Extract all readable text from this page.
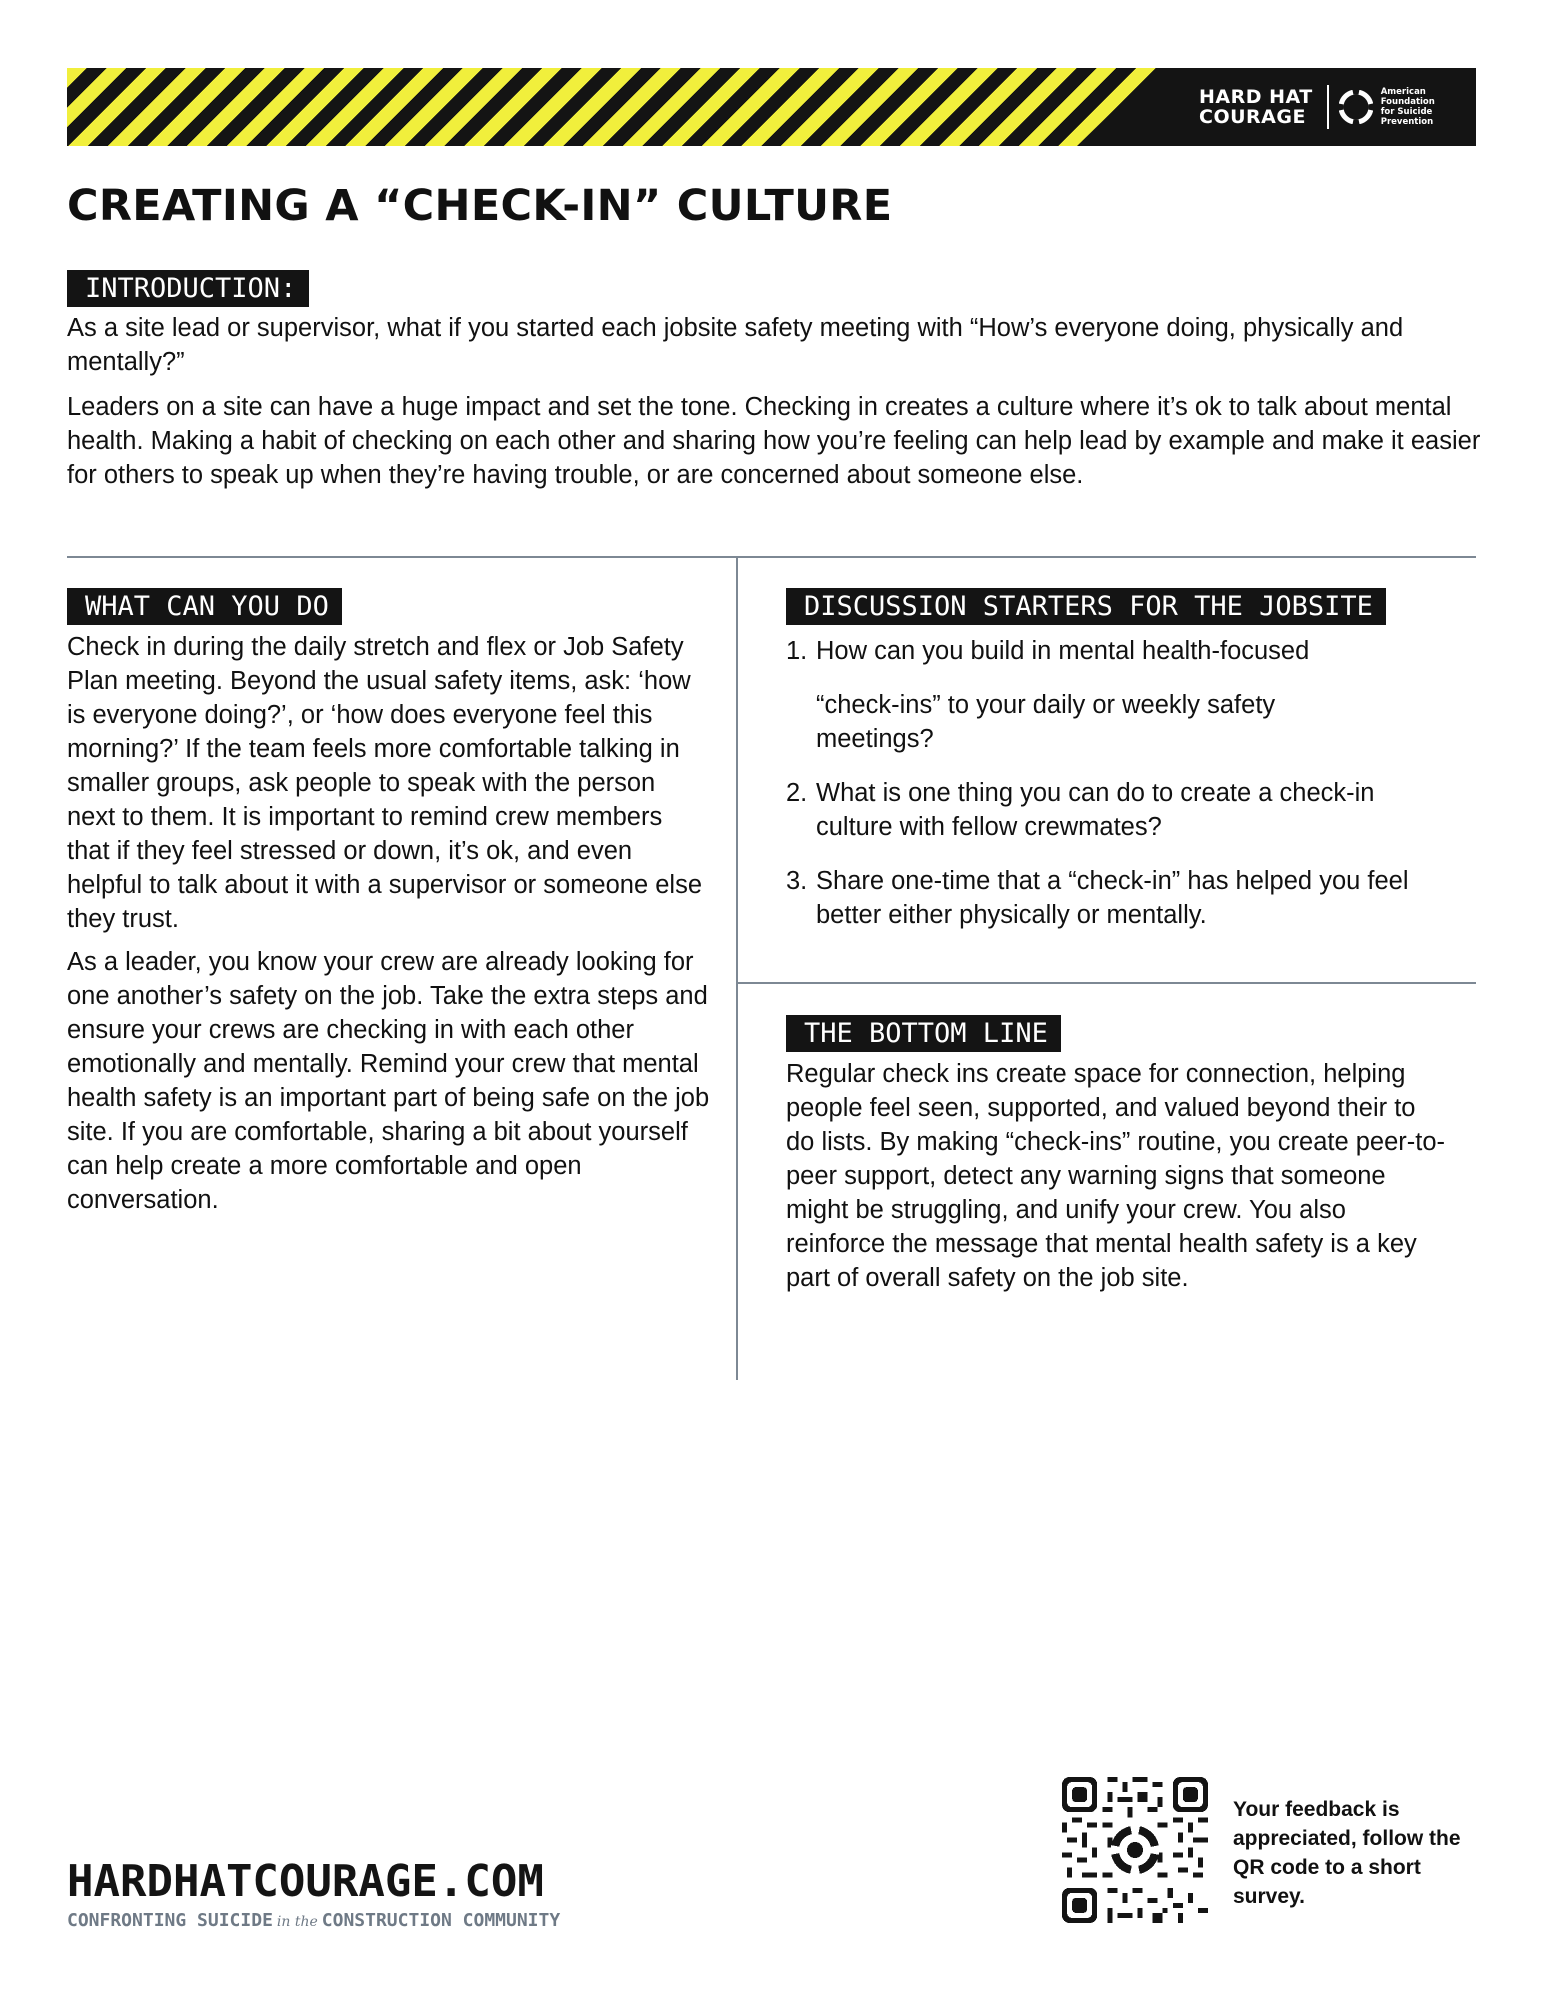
HARD HAT
COURAGE
American
Foundation
for Suicide
Prevention
CREATING A “CHECK-IN” CULTURE
INTRODUCTION:
As a site lead or supervisor, what if you started each jobsite safety meeting with “How’s everyone doing, physically and mentally?”
Leaders on a site can have a huge impact and set the tone. Checking in creates a culture where it’s ok to talk about mental health. Making a habit of checking on each other and sharing how you’re feeling can help lead by example and make it easier for others to speak up when they’re having trouble, or are concerned about someone else.
WHAT CAN YOU DO
Check in during the daily stretch and flex or Job Safety Plan meeting. Beyond the usual safety items, ask: ‘how is everyone doing?’, or ‘how does everyone feel this morning?’ If the team feels more comfortable talking in smaller groups, ask people to speak with the person next to them. It is important to remind crew members that if they feel stressed or down, it’s ok, and even helpful to talk about it with a supervisor or someone else they trust.
As a leader, you know your crew are already looking for one another’s safety on the job. Take the extra steps and ensure your crews are checking in with each other emotionally and mentally. Remind your crew that mental health safety is an important part of being safe on the job site. If you are comfortable, sharing a bit about yourself can help create a more comfortable and open conversation.
DISCUSSION STARTERS FOR THE JOBSITE
1. How can you build in mental health-focused
“check-ins” to your daily or weekly safety meetings?
2. What is one thing you can do to create a check-in culture with fellow crewmates?
3. Share one-time that a “check-in” has helped you feel better either physically or mentally.
THE BOTTOM LINE
Regular check ins create space for connection, helping people feel seen, supported, and valued beyond their to do lists. By making “check-ins” routine, you create peer-to-peer support, detect any warning signs that someone might be struggling, and unify your crew. You also reinforce the message that mental health safety is a key part of overall safety on the job site.
HARDHATCOURAGE.COM
CONFRONTING SUICIDE in the CONSTRUCTION COMMUNITY
Your feedback is appreciated, follow the QR code to a short survey.
